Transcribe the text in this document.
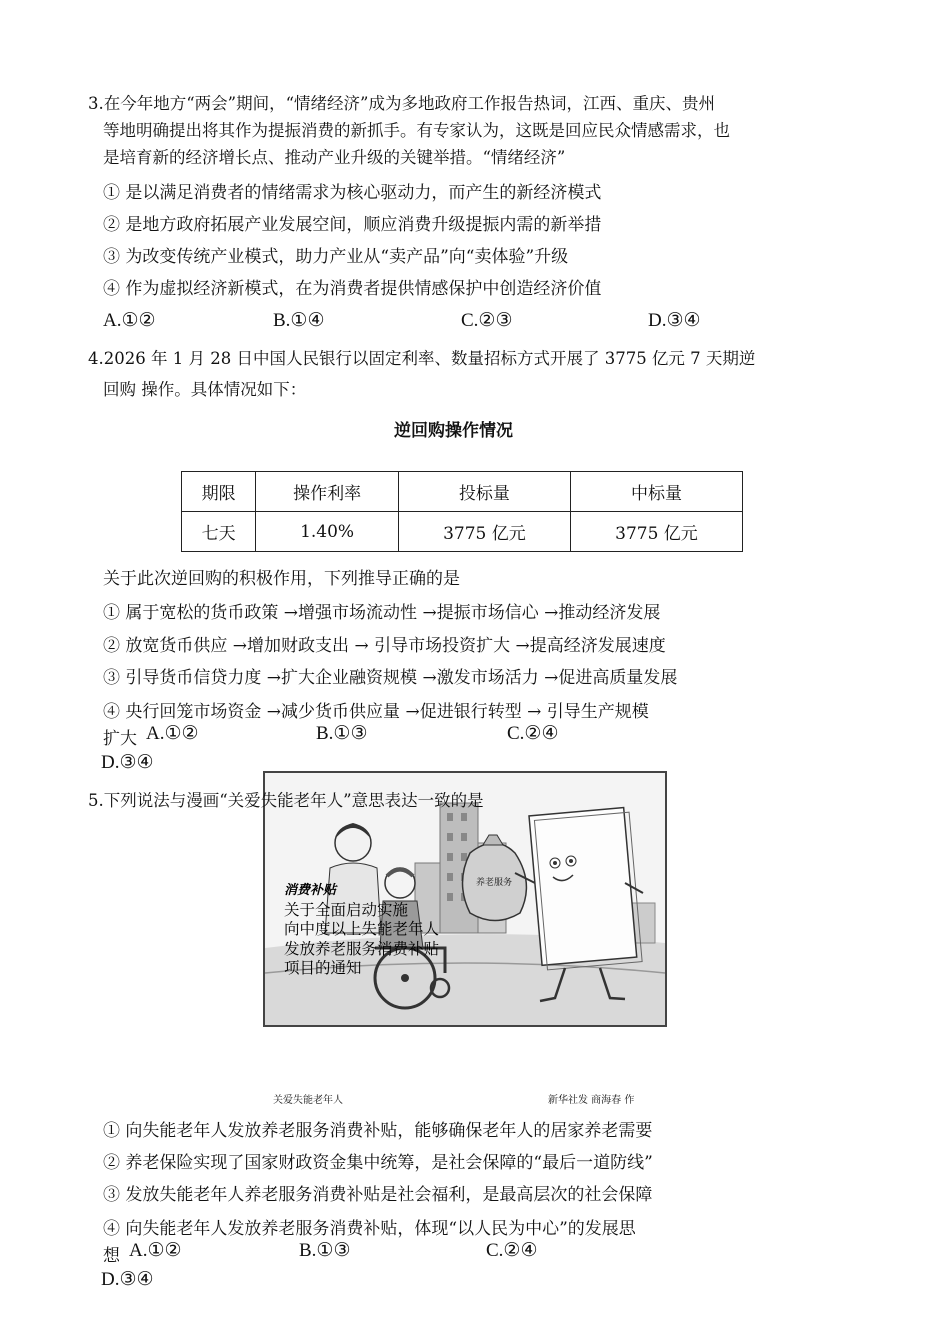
3.在今年地方“两会”期间，“情绪经济”成为多地政府工作报告热词，江西、重庆、贵州
等地明确提出将其作为提振消费的新抓手。有专家认为，这既是回应民众情感需求，也
是培育新的经济增长点、推动产业升级的关键举措。“情绪经济”
① 是以满足消费者的情绪需求为核心驱动力，而产生的新经济模式
② 是地方政府拓展产业发展空间，顺应消费升级提振内需的新举措
③ 为改变传统产业模式，助力产业从“卖产品”向“卖体验”升级
④ 作为虚拟经济新模式，在为消费者提供情感保护中创造经济价值
A.①②	B.①④	C.②③	D.③④
4.2026 年 1 月 28 日中国人民银行以固定利率、数量招标方式开展了 3775 亿元 7 天期逆
回购 操作。具体情况如下：
逆回购操作情况
期限	操作利率	投标量	中标量
七天	1.40%	3775 亿元	3775 亿元
关于此次逆回购的积极作用，下列推导正确的是
① 属于宽松的货币政策 →增强市场流动性 →提振市场信心 →推动经济发展
② 放宽货币供应 →增加财政支出 → 引导市场投资扩大 →提高经济发展速度
③ 引导货币信贷力度 →扩大企业融资规模 →激发市场活力 →促进高质量发展
④ 央行回笼市场资金 →减少货币供应量 →促进银行转型 → 引导生产规模
扩大 A.①②	B.①③	C.②④
D.③④
养老服务
5.下列说法与漫画“关爱失能老年人”意思表达一致的是
消费补贴
关于全面启动实施
向中度以上失能老年人
发放养老服务消费补贴
项目的通知
关爱失能老年人	新华社发 商海春 作
① 向失能老年人发放养老服务消费补贴，能够确保老年人的居家养老需要
② 养老保险实现了国家财政资金集中统筹，是社会保障的“最后一道防线”
③ 发放失能老年人养老服务消费补贴是社会福利，是最高层次的社会保障
④ 向失能老年人发放养老服务消费补贴，体现“以人民为中心”的发展思
想 A.①②	B.①③	C.②④
D.③④
